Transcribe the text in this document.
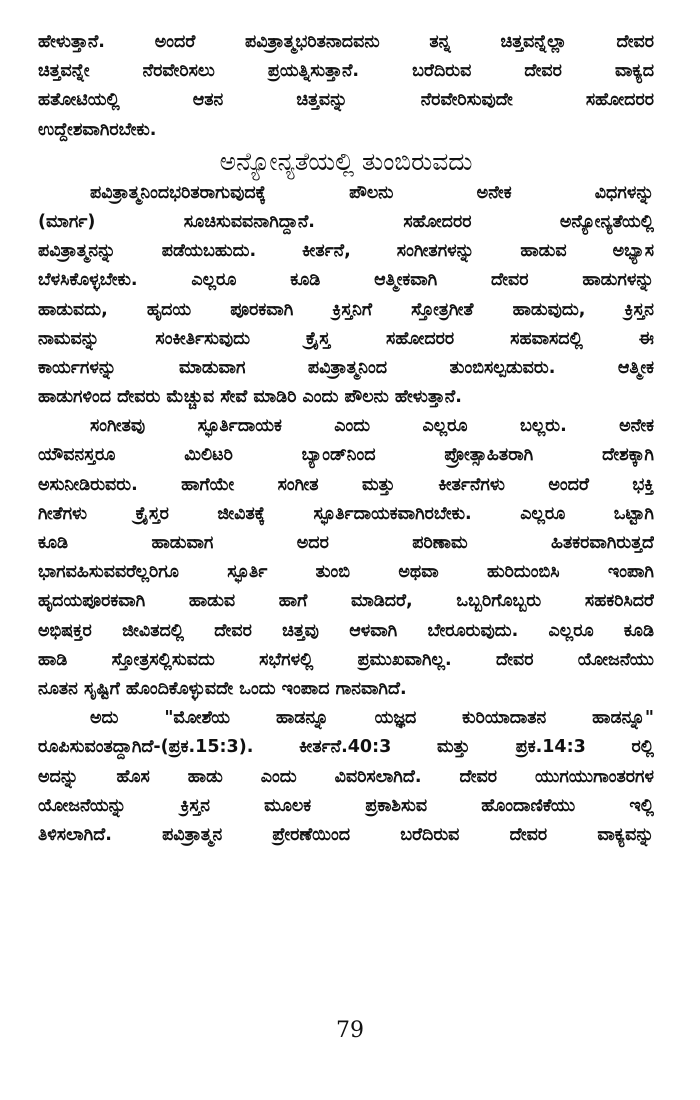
ಹೇಳುತ್ತಾನೆ. ಅಂದರೆ ಪವಿತ್ರಾತ್ಮಭರಿತನಾದವನು ತನ್ನ ಚಿತ್ತವನ್ನೆಲ್ಲಾ ದೇವರ
ಚಿತ್ತವನ್ನೇ ನೆರವೇರಿಸಲು ಪ್ರಯತ್ನಿಸುತ್ತಾನೆ. ಬರೆದಿರುವ ದೇವರ ವಾಕ್ಯದ
ಹತೋಟಿಯಲ್ಲಿ ಆತನ ಚಿತ್ತವನ್ನು ನೆರವೇರಿಸುವುದೇ ಸಹೋದರರ
ಉದ್ದೇಶವಾಗಿರಬೇಕು.
ಅನ್ಯೋನ್ಯತೆಯಲ್ಲಿ ತುಂಬಿರುವದು
ಪವಿತ್ರಾತ್ಮನಿಂದಭರಿತರಾಗುವುದಕ್ಕೆ ಪೌಲನು ಅನೇಕ ವಿಧಗಳನ್ನು
(ಮಾರ್ಗ) ಸೂಚಿಸುವವನಾಗಿದ್ದಾನೆ. ಸಹೋದರರ ಅನ್ಯೋನ್ಯತೆಯಲ್ಲಿ
ಪವಿತ್ರಾತ್ಮನನ್ನು ಪಡೆಯಬಹುದು. ಕೀರ್ತನೆ, ಸಂಗೀತಗಳನ್ನು ಹಾಡುವ ಅಭ್ಯಾಸ
ಬೆಳಸಿಕೊಳ್ಳಬೇಕು. ಎಲ್ಲರೂ ಕೂಡಿ ಆತ್ಮೀಕವಾಗಿ ದೇವರ ಹಾಡುಗಳನ್ನು
ಹಾಡುವದು, ಹೃದಯ ಪೂರಕವಾಗಿ ಕ್ರಿಸ್ತನಿಗೆ ಸ್ತೋತ್ರಗೀತೆ ಹಾಡುವುದು, ಕ್ರಿಸ್ತನ
ನಾಮವನ್ನು ಸಂಕೀರ್ತಿಸುವುದು ಕ್ರೈಸ್ತ ಸಹೋದರರ ಸಹವಾಸದಲ್ಲಿ ಈ
ಕಾರ್ಯಗಳನ್ನು ಮಾಡುವಾಗ ಪವಿತ್ರಾತ್ಮನಿಂದ ತುಂಬಿಸಲ್ಪಡುವರು. ಆತ್ಮೀಕ
ಹಾಡುಗಳಿಂದ ದೇವರು ಮೆಚ್ಚುವ ಸೇವೆ ಮಾಡಿರಿ ಎಂದು ಪೌಲನು ಹೇಳುತ್ತಾನೆ.
ಸಂಗೀತವು ಸ್ಫೂರ್ತಿದಾಯಕ ಎಂದು ಎಲ್ಲರೂ ಬಲ್ಲರು. ಅನೇಕ
ಯೌವನಸ್ತರೂ ಮಿಲಿಟರಿ ಬ್ಯಾಂಡ್‌ನಿಂದ ಪ್ರೋತ್ಸಾಹಿತರಾಗಿ ದೇಶಕ್ಕಾಗಿ
ಅಸುನೀಡಿರುವರು. ಹಾಗೆಯೇ ಸಂಗೀತ ಮತ್ತು ಕೀರ್ತನೆಗಳು ಅಂದರೆ ಭಕ್ತಿ
ಗೀತೆಗಳು ಕ್ರೈಸ್ತರ ಜೀವಿತಕ್ಕೆ ಸ್ಫೂರ್ತಿದಾಯಕವಾಗಿರಬೇಕು. ಎಲ್ಲರೂ ಒಟ್ಟಾಗಿ
ಕೂಡಿ ಹಾಡುವಾಗ ಅದರ ಪರಿಣಾಮ ಹಿತಕರವಾಗಿರುತ್ತದೆ
ಭಾಗವಹಿಸುವವರೆಲ್ಲರಿಗೂ ಸ್ಫೂರ್ತಿ ತುಂಬಿ ಅಥವಾ ಹುರಿದುಂಬಿಸಿ ಇಂಪಾಗಿ
ಹೃದಯಪೂರಕವಾಗಿ ಹಾಡುವ ಹಾಗೆ ಮಾಡಿದರೆ, ಒಬ್ಬರಿಗೊಬ್ಬರು ಸಹಕರಿಸಿದರೆ
ಅಭಿಷಕ್ತರ ಜೀವಿತದಲ್ಲಿ ದೇವರ ಚಿತ್ತವು ಆಳವಾಗಿ ಬೇರೂರುವುದು. ಎಲ್ಲರೂ ಕೂಡಿ
ಹಾಡಿ ಸ್ತೋತ್ರಸಲ್ಲಿಸುವದು ಸಭೆಗಳಲ್ಲಿ ಪ್ರಮುಖವಾಗಿಲ್ಲ. ದೇವರ ಯೋಜನೆಯು
ನೂತನ ಸೃಷ್ಟಿಗೆ ಹೊಂದಿಕೊಳ್ಳುವದೇ ಒಂದು ಇಂಪಾದ ಗಾನವಾಗಿದೆ.
ಅದು "ಮೋಶೆಯ ಹಾಡನ್ನೂ ಯಜ್ಞದ ಕುರಿಯಾದಾತನ ಹಾಡನ್ನೂ"
ರೂಪಿಸುವಂತದ್ದಾಗಿದೆ-(ಪ್ರಕ.15:3). ಕೀರ್ತನೆ.40:3 ಮತ್ತು ಪ್ರಕ.14:3 ರಲ್ಲಿ
ಅದನ್ನು ಹೊಸ ಹಾಡು ಎಂದು ವಿವರಿಸಲಾಗಿದೆ. ದೇವರ ಯುಗಯುಗಾಂತರಗಳ
ಯೋಜನೆಯನ್ನು ಕ್ರಿಸ್ತನ ಮೂಲಕ ಪ್ರಕಾಶಿಸುವ ಹೊಂದಾಣಿಕೆಯು ಇಲ್ಲಿ
ತಿಳಿಸಲಾಗಿದೆ. ಪವಿತ್ರಾತ್ಮನ ಪ್ರೇರಣೆಯಿಂದ ಬರೆದಿರುವ ದೇವರ ವಾಕ್ಯವನ್ನು
79
